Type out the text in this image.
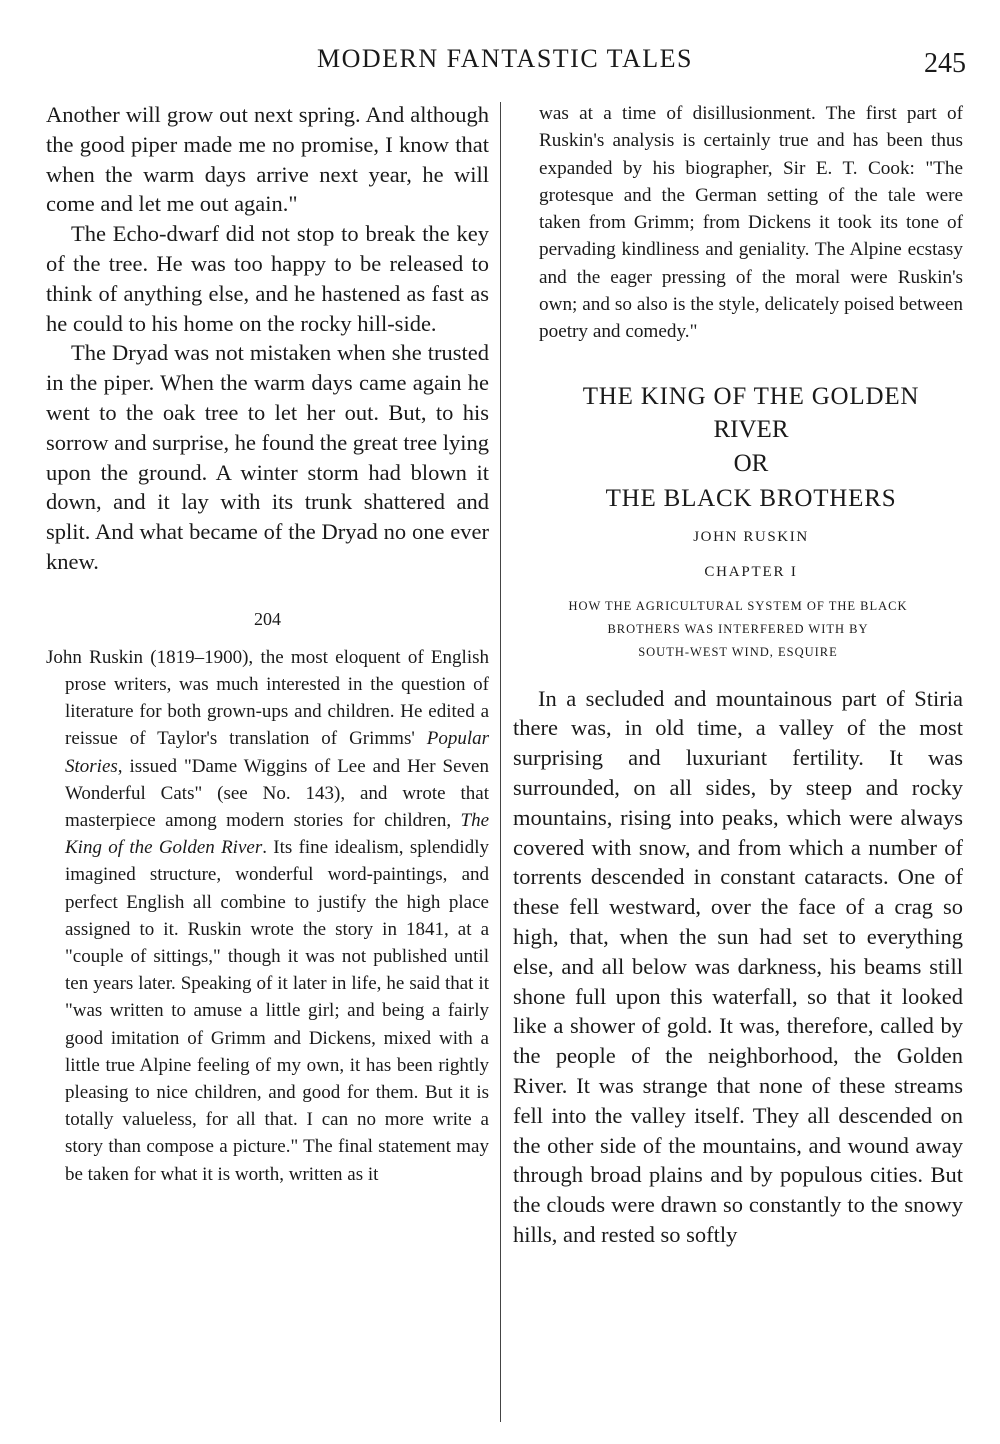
MODERN FANTASTIC TALES	245

Another will grow out next spring. And although the good piper made me no promise, I know that when the warm days arrive next year, he will come and let me out again."

The Echo-dwarf did not stop to break the key of the tree. He was too happy to be released to think of anything else, and he hastened as fast as he could to his home on the rocky hill-side.

The Dryad was not mistaken when she trusted in the piper. When the warm days came again he went to the oak tree to let her out. But, to his sorrow and surprise, he found the great tree lying upon the ground. A winter storm had blown it down, and it lay with its trunk shattered and split. And what became of the Dryad no one ever knew.

204

John Ruskin (1819–1900), the most eloquent of English prose writers, was much interested in the question of literature for both grown-ups and children. He edited a reissue of Taylor's translation of Grimms' Popular Stories, issued "Dame Wiggins of Lee and Her Seven Wonderful Cats" (see No. 143), and wrote that masterpiece among modern stories for children, The King of the Golden River. Its fine idealism, splendidly imagined structure, wonderful word-paintings, and perfect English all combine to justify the high place assigned to it. Ruskin wrote the story in 1841, at a "couple of sittings," though it was not published until ten years later. Speaking of it later in life, he said that it "was written to amuse a little girl; and being a fairly good imitation of Grimm and Dickens, mixed with a little true Alpine feeling of my own, it has been rightly pleasing to nice children, and good for them. But it is totally valueless, for all that. I can no more write a story than compose a picture." The final statement may be taken for what it is worth, written as it

was at a time of disillusionment. The first part of Ruskin's analysis is certainly true and has been thus expanded by his biographer, Sir E. T. Cook: "The grotesque and the German setting of the tale were taken from Grimm; from Dickens it took its tone of pervading kindliness and geniality. The Alpine ecstasy and the eager pressing of the moral were Ruskin's own; and so also is the style, delicately poised between poetry and comedy."

THE KING OF THE GOLDEN
RIVER
OR
THE BLACK BROTHERS
JOHN RUSKIN
CHAPTER I
HOW THE AGRICULTURAL SYSTEM OF THE BLACK
BROTHERS WAS INTERFERED WITH BY
SOUTH-WEST WIND, ESQUIRE

In a secluded and mountainous part of Stiria there was, in old time, a valley of the most surprising and luxuriant fertility. It was surrounded, on all sides, by steep and rocky mountains, rising into peaks, which were always covered with snow, and from which a number of torrents descended in constant cataracts. One of these fell westward, over the face of a crag so high, that, when the sun had set to everything else, and all below was darkness, his beams still shone full upon this waterfall, so that it looked like a shower of gold. It was, therefore, called by the people of the neighborhood, the Golden River. It was strange that none of these streams fell into the valley itself. They all descended on the other side of the mountains, and wound away through broad plains and by populous cities. But the clouds were drawn so constantly to the snowy hills, and rested so softly
